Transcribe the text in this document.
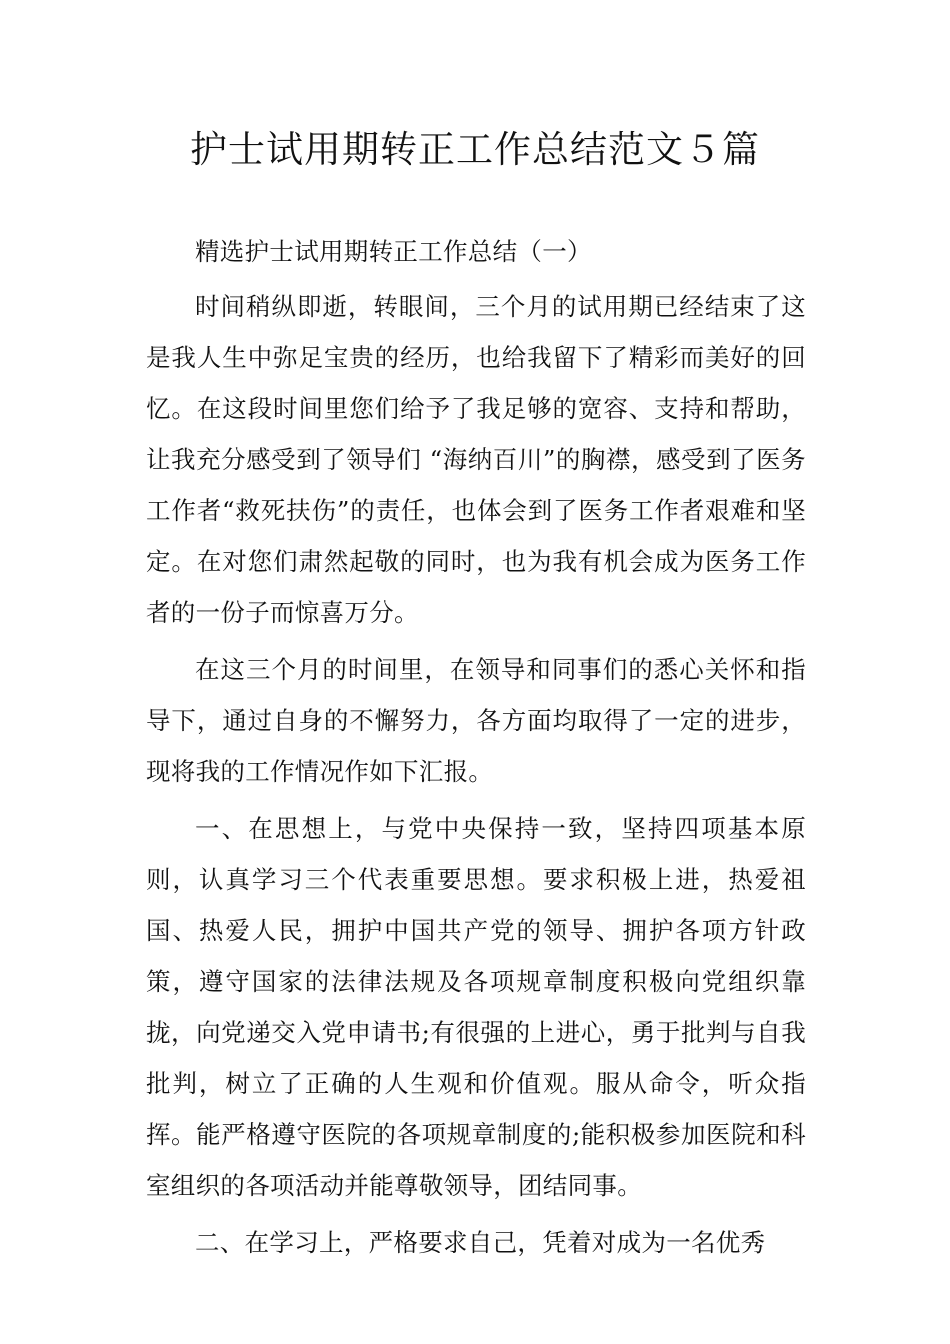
护士试用期转正工作总结范文５篇

精选护士试用期转正工作总结（一）

时间稍纵即逝，转眼间，三个月的试用期已经结束了这是我人生中弥足宝贵的经历，也给我留下了精彩而美好的回忆。在这段时间里您们给予了我足够的宽容、支持和帮助，让我充分感受到了领导们 “海纳百川”的胸襟，感受到了医务工作者“救死扶伤”的责任，也体会到了医务工作者艰难和坚定。在对您们肃然起敬的同时，也为我有机会成为医务工作者的一份子而惊喜万分。

在这三个月的时间里，在领导和同事们的悉心关怀和指导下，通过自身的不懈努力，各方面均取得了一定的进步，现将我的工作情况作如下汇报。

一、在思想上，与党中央保持一致，坚持四项基本原则，认真学习三个代表重要思想。要求积极上进，热爱祖国、热爱人民，拥护中国共产党的领导、拥护各项方针政策，遵守国家的法律法规及各项规章制度积极向党组织靠拢，向党递交入党申请书;有很强的上进心，勇于批判与自我批判，树立了正确的人生观和价值观。服从命令，听众指挥。能严格遵守医院的各项规章制度的;能积极参加医院和科室组织的各项活动并能尊敬领导，团结同事。

二、在学习上，严格要求自己，凭着对成为一名优秀
